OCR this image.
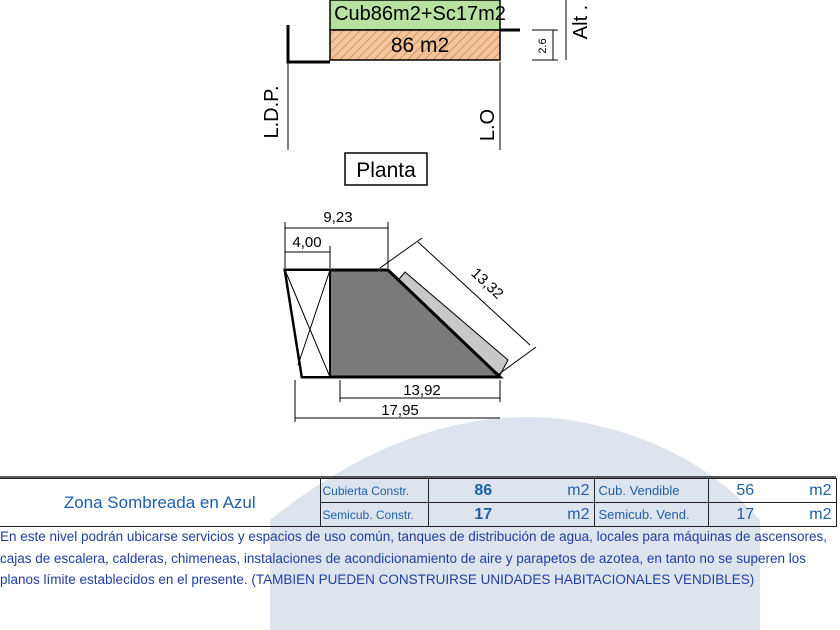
Cub86m2+Sc17m2
86 m2	2.6
Alt .
L.D.P.	L.O
Planta
9,23
4,00
13,32
13,92
17,95
Zona Sombreada en Azul	Cubierta Constr.	86	m2	Cub. Vendible	56	m2
	Semicub. Constr.	17	m2	Semicub. Vend.	17	m2

En este nivel podrán ubicarse servicios y espacios de uso común, tanques de distribución de agua, locales para máquinas de ascensores, cajas de escalera, calderas, chimeneas, instalaciones de acondicionamiento de aire y parapetos de azotea, en tanto no se superen los planos límite establecidos en el presente. (TAMBIEN PUEDEN CONSTRUIRSE UNIDADES HABITACIONALES VENDIBLES)
